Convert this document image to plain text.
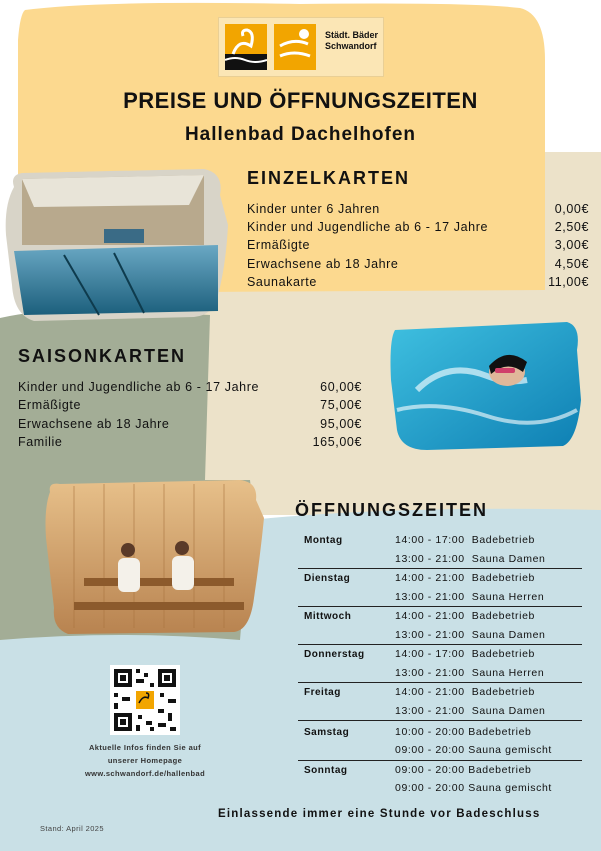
Städt. Bäder
Schwandorf
PREISE UND ÖFFNUNGSZEITEN
Hallenbad Dachelhofen
EINZELKARTEN
Kinder unter 6 Jahren	0,00€
Kinder und Jugendliche ab 6 - 17 Jahre	2,50€
Ermäßigte	3,00€
Erwachsene ab 18 Jahre	4,50€
Saunakarte	11,00€
SAISONKARTEN
Kinder und Jugendliche ab 6 - 17 Jahre	60,00€
Ermäßigte	75,00€
Erwachsene ab 18 Jahre	95,00€
Familie	165,00€
ÖFFNUNGSZEITEN
Montag	14:00 - 17:00 Badebetrieb
13:00 - 21:00 Sauna Damen
Dienstag	14:00 - 21:00 Badebetrieb
13:00 - 21:00 Sauna Herren
Mittwoch	14:00 - 21:00 Badebetrieb
13:00 - 21:00 Sauna Damen
Donnerstag	14:00 - 17:00 Badebetrieb
13:00 - 21:00 Sauna Herren
Freitag	14:00 - 21:00 Badebetrieb
13:00 - 21:00 Sauna Damen
Samstag	10:00 - 20:00 Badebetrieb
09:00 - 20:00 Sauna gemischt
Sonntag	09:00 - 20:00 Badebetrieb
09:00 - 20:00 Sauna gemischt
Einlassende immer eine Stunde vor Badeschluss
Aktuelle Infos finden Sie auf
unserer Homepage
www.schwandorf.de/hallenbad
Stand: April 2025
